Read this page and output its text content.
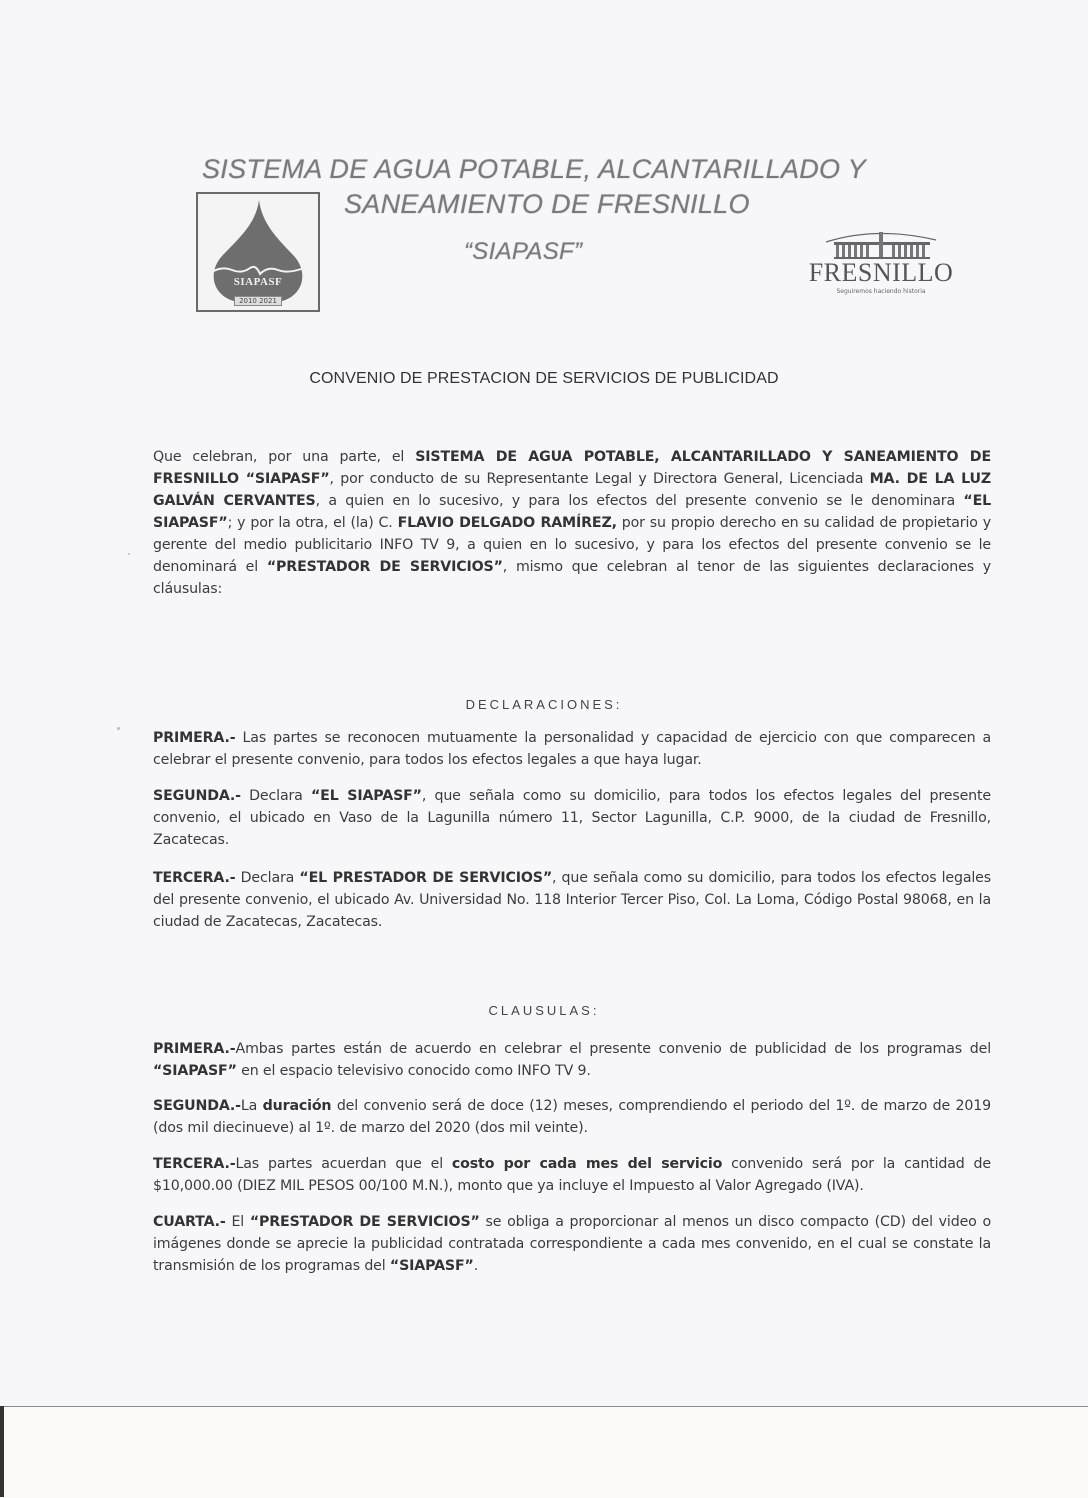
SISTEMA DE AGUA POTABLE, ALCANTARILLADO Y
SANEAMIENTO DE FRESNILLO
“SIAPASF”
SIAPASF
2010 2021
FRESNILLO
Seguiremos haciendo historia
CONVENIO DE PRESTACION DE SERVICIOS DE PUBLICIDAD
Que celebran, por una parte, el SISTEMA DE AGUA POTABLE, ALCANTARILLADO Y SANEAMIENTO DE FRESNILLO “SIAPASF”, por conducto de su Representante Legal y Directora General, Licenciada MA. DE LA LUZ GALVÁN CERVANTES, a quien en lo sucesivo, y para los efectos del presente convenio se le denominara “EL SIAPASF”; y por la otra, el (la) C. FLAVIO DELGADO RAMÍREZ, por su propio derecho en su calidad de propietario y gerente del medio publicitario INFO TV 9, a quien en lo sucesivo, y para los efectos del presente convenio se le denominará el “PRESTADOR DE SERVICIOS”, mismo que celebran al tenor de las siguientes declaraciones y cláusulas:
DECLARACIONES:
PRIMERA.- Las partes se reconocen mutuamente la personalidad y capacidad de ejercicio con que comparecen a celebrar el presente convenio, para todos los efectos legales a que haya lugar.
SEGUNDA.- Declara “EL SIAPASF”, que señala como su domicilio, para todos los efectos legales del presente convenio, el ubicado en Vaso de la Lagunilla número 11, Sector Lagunilla, C.P. 9000, de la ciudad de Fresnillo, Zacatecas.
TERCERA.- Declara “EL PRESTADOR DE SERVICIOS”, que señala como su domicilio, para todos los efectos legales del presente convenio, el ubicado Av. Universidad No. 118 Interior Tercer Piso, Col. La Loma, Código Postal 98068, en la ciudad de Zacatecas, Zacatecas.
CLAUSULAS:
PRIMERA.-Ambas partes están de acuerdo en celebrar el presente convenio de publicidad de los programas del “SIAPASF” en el espacio televisivo conocido como INFO TV 9.
SEGUNDA.-La duración del convenio será de doce (12) meses, comprendiendo el periodo del 1º. de marzo de 2019 (dos mil diecinueve) al 1º. de marzo del 2020 (dos mil veinte).
TERCERA.-Las partes acuerdan que el costo por cada mes del servicio convenido será por la cantidad de $10,000.00 (DIEZ MIL PESOS 00/100 M.N.), monto que ya incluye el Impuesto al Valor Agregado (IVA).
CUARTA.- El “PRESTADOR DE SERVICIOS” se obliga a proporcionar al menos un disco compacto (CD) del video o imágenes donde se aprecie la publicidad contratada correspondiente a cada mes convenido, en el cual se constate la transmisión de los programas del “SIAPASF”.
